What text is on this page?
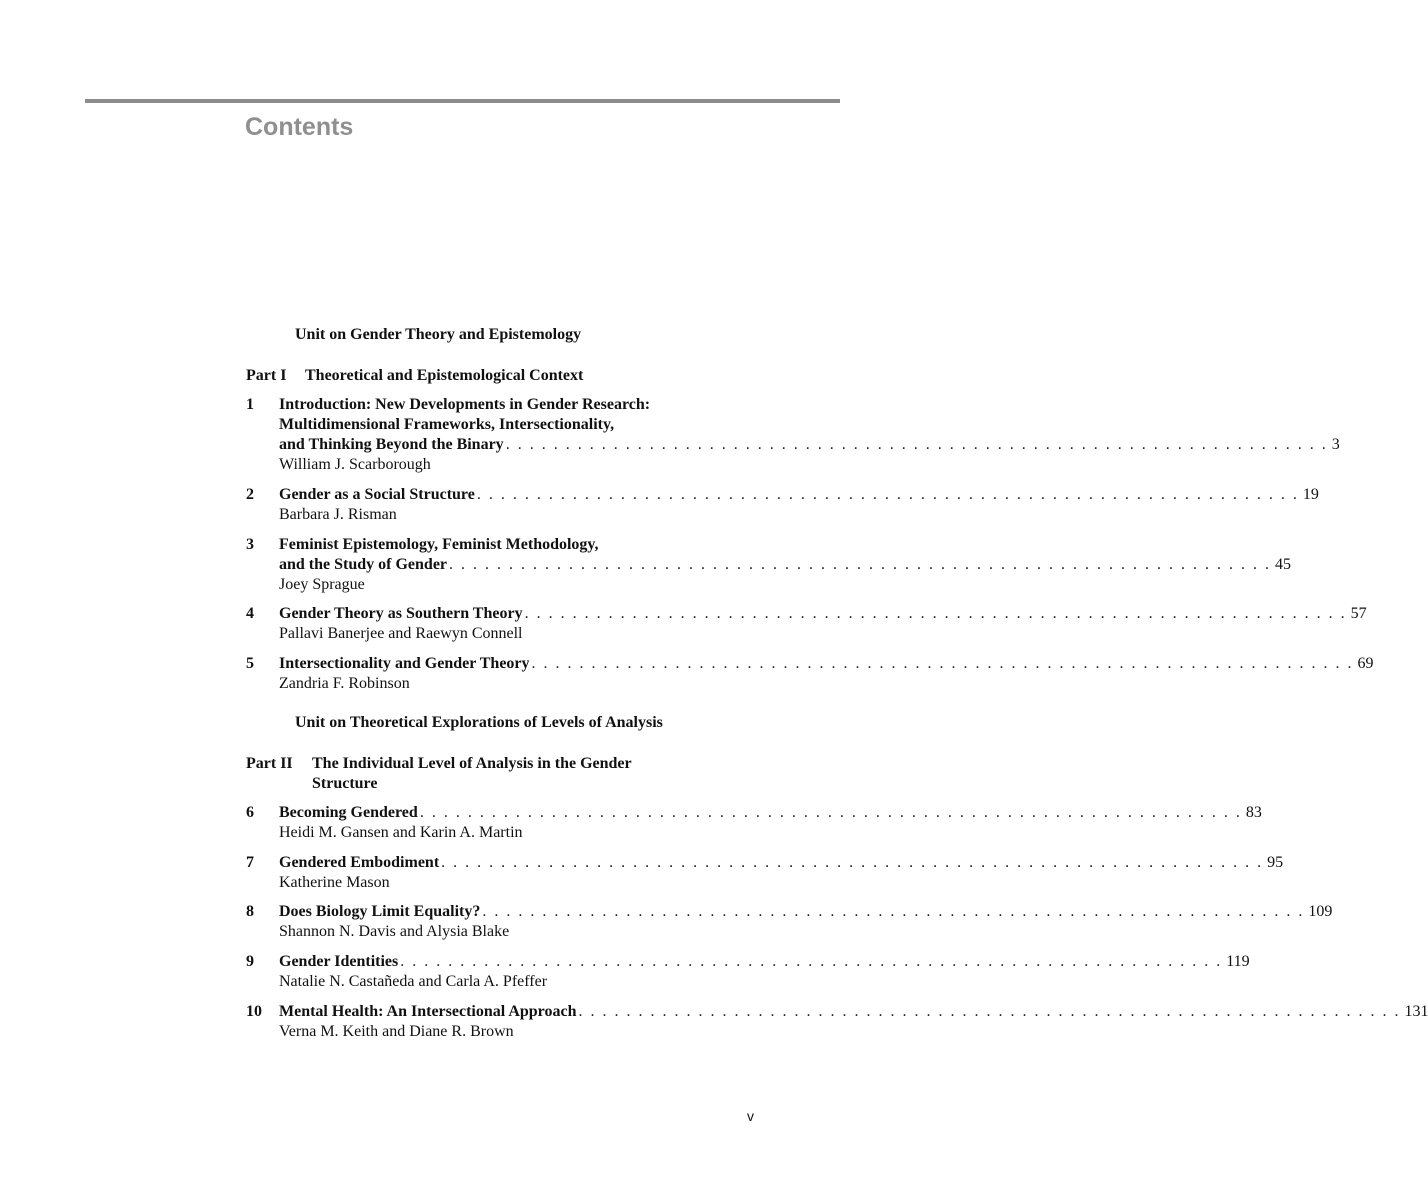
Contents
Unit on Gender Theory and Epistemology
Part I Theoretical and Epistemological Context
1 Introduction: New Developments in Gender Research:
Multidimensional Frameworks, Intersectionality,
and Thinking Beyond the Binary . . . . . . . . . . . . . . . . . . . . . . . . . . . . . . . . . . . . . . . . . . . . . . . . . . . . . . . . . . . . . . . . . . . . . 3
William J. Scarborough
2 Gender as a Social Structure . . . . . . . . . . . . . . . . . . . . . . . . . . . . . . . . . . . . . . . . . . . . . . . . . . . . . . . . . . . . . . . . . . . . . 19
Barbara J. Risman
3 Feminist Epistemology, Feminist Methodology,
and the Study of Gender . . . . . . . . . . . . . . . . . . . . . . . . . . . . . . . . . . . . . . . . . . . . . . . . . . . . . . . . . . . . . . . . . . . . . 45
Joey Sprague
4 Gender Theory as Southern Theory . . . . . . . . . . . . . . . . . . . . . . . . . . . . . . . . . . . . . . . . . . . . . . . . . . . . . . . . . . . . . . . . . . . . . 57
Pallavi Banerjee and Raewyn Connell
5 Intersectionality and Gender Theory . . . . . . . . . . . . . . . . . . . . . . . . . . . . . . . . . . . . . . . . . . . . . . . . . . . . . . . . . . . . . . . . . . . . . 69
Zandria F. Robinson
Unit on Theoretical Explorations of Levels of Analysis
Part II The Individual Level of Analysis in the Gender
Structure
6 Becoming Gendered . . . . . . . . . . . . . . . . . . . . . . . . . . . . . . . . . . . . . . . . . . . . . . . . . . . . . . . . . . . . . . . . . . . . . 83
Heidi M. Gansen and Karin A. Martin
7 Gendered Embodiment . . . . . . . . . . . . . . . . . . . . . . . . . . . . . . . . . . . . . . . . . . . . . . . . . . . . . . . . . . . . . . . . . . . . . 95
Katherine Mason
8 Does Biology Limit Equality? . . . . . . . . . . . . . . . . . . . . . . . . . . . . . . . . . . . . . . . . . . . . . . . . . . . . . . . . . . . . . . . . . . . . . 109
Shannon N. Davis and Alysia Blake
9 Gender Identities . . . . . . . . . . . . . . . . . . . . . . . . . . . . . . . . . . . . . . . . . . . . . . . . . . . . . . . . . . . . . . . . . . . . . 119
Natalie N. Castañeda and Carla A. Pfeffer
10 Mental Health: An Intersectional Approach . . . . . . . . . . . . . . . . . . . . . . . . . . . . . . . . . . . . . . . . . . . . . . . . . . . . . . . . . . . . . . . . . . . . . 131
Verna M. Keith and Diane R. Brown
v
